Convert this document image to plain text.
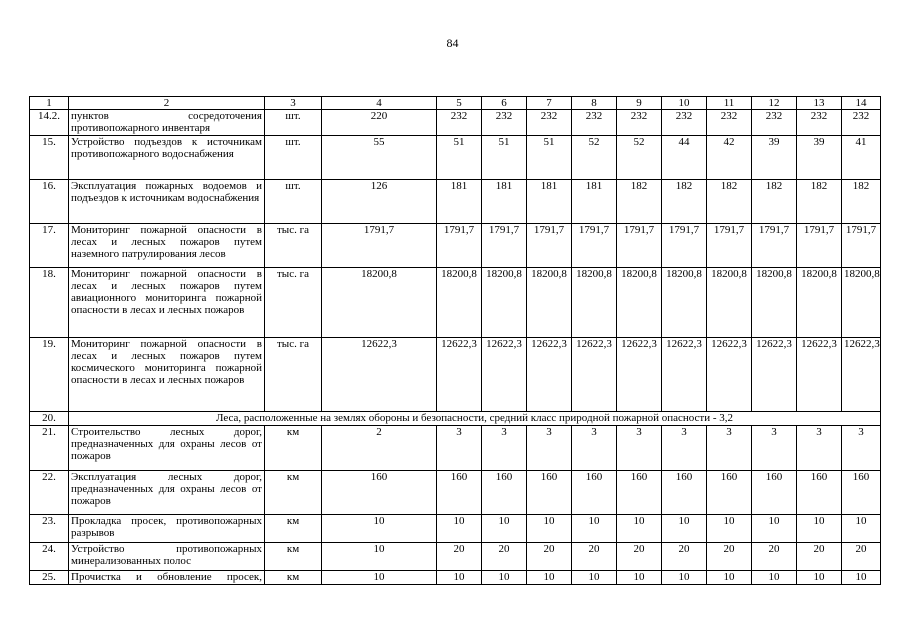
84
1	2	3	4	5	6	7	8	9	10	11	12	13	14
14.2.	пунктов сосредоточения противопожарного инвентаря	шт.	220	232	232	232	232	232	232	232	232	232	232
15.	Устройство подъездов к источникам противопожарного водоснабжения	шт.	55	51	51	51	52	52	44	42	39	39	41
16.	Эксплуатация пожарных водоемов и подъездов к источникам водоснабжения	шт.	126	181	181	181	181	182	182	182	182	182	182
17.	Мониторинг пожарной опасности в лесах и лесных пожаров путем наземного патрулирования лесов	тыс. га	1791,7	1791,7	1791,7	1791,7	1791,7	1791,7	1791,7	1791,7	1791,7	1791,7	1791,7
18.	Мониторинг пожарной опасности в лесах и лесных пожаров путем авиационного мониторинга пожарной опасности в лесах и лесных пожаров	тыс. га	18200,8	18200,8	18200,8	18200,8	18200,8	18200,8	18200,8	18200,8	18200,8	18200,8	18200,8
19.	Мониторинг пожарной опасности в лесах и лесных пожаров путем космического мониторинга пожарной опасности в лесах и лесных пожаров	тыс. га	12622,3	12622,3	12622,3	12622,3	12622,3	12622,3	12622,3	12622,3	12622,3	12622,3	12622,3
20.	Леса, расположенные на землях обороны и безопасности, средний класс природной пожарной опасности - 3,2												
21.	Строительство лесных дорог, предназначенных для охраны лесов от пожаров	км	2	3	3	3	3	3	3	3	3	3	3
22.	Эксплуатация лесных дорог, предназначенных для охраны лесов от пожаров	км	160	160	160	160	160	160	160	160	160	160	160
23.	Прокладка просек, противопожарных разрывов	км	10	10	10	10	10	10	10	10	10	10	10
24.	Устройство противопожарных минерализованных полос	км	10	20	20	20	20	20	20	20	20	20	20
25.	Прочистка и обновление просек,	км	10	10	10	10	10	10	10	10	10	10	10
